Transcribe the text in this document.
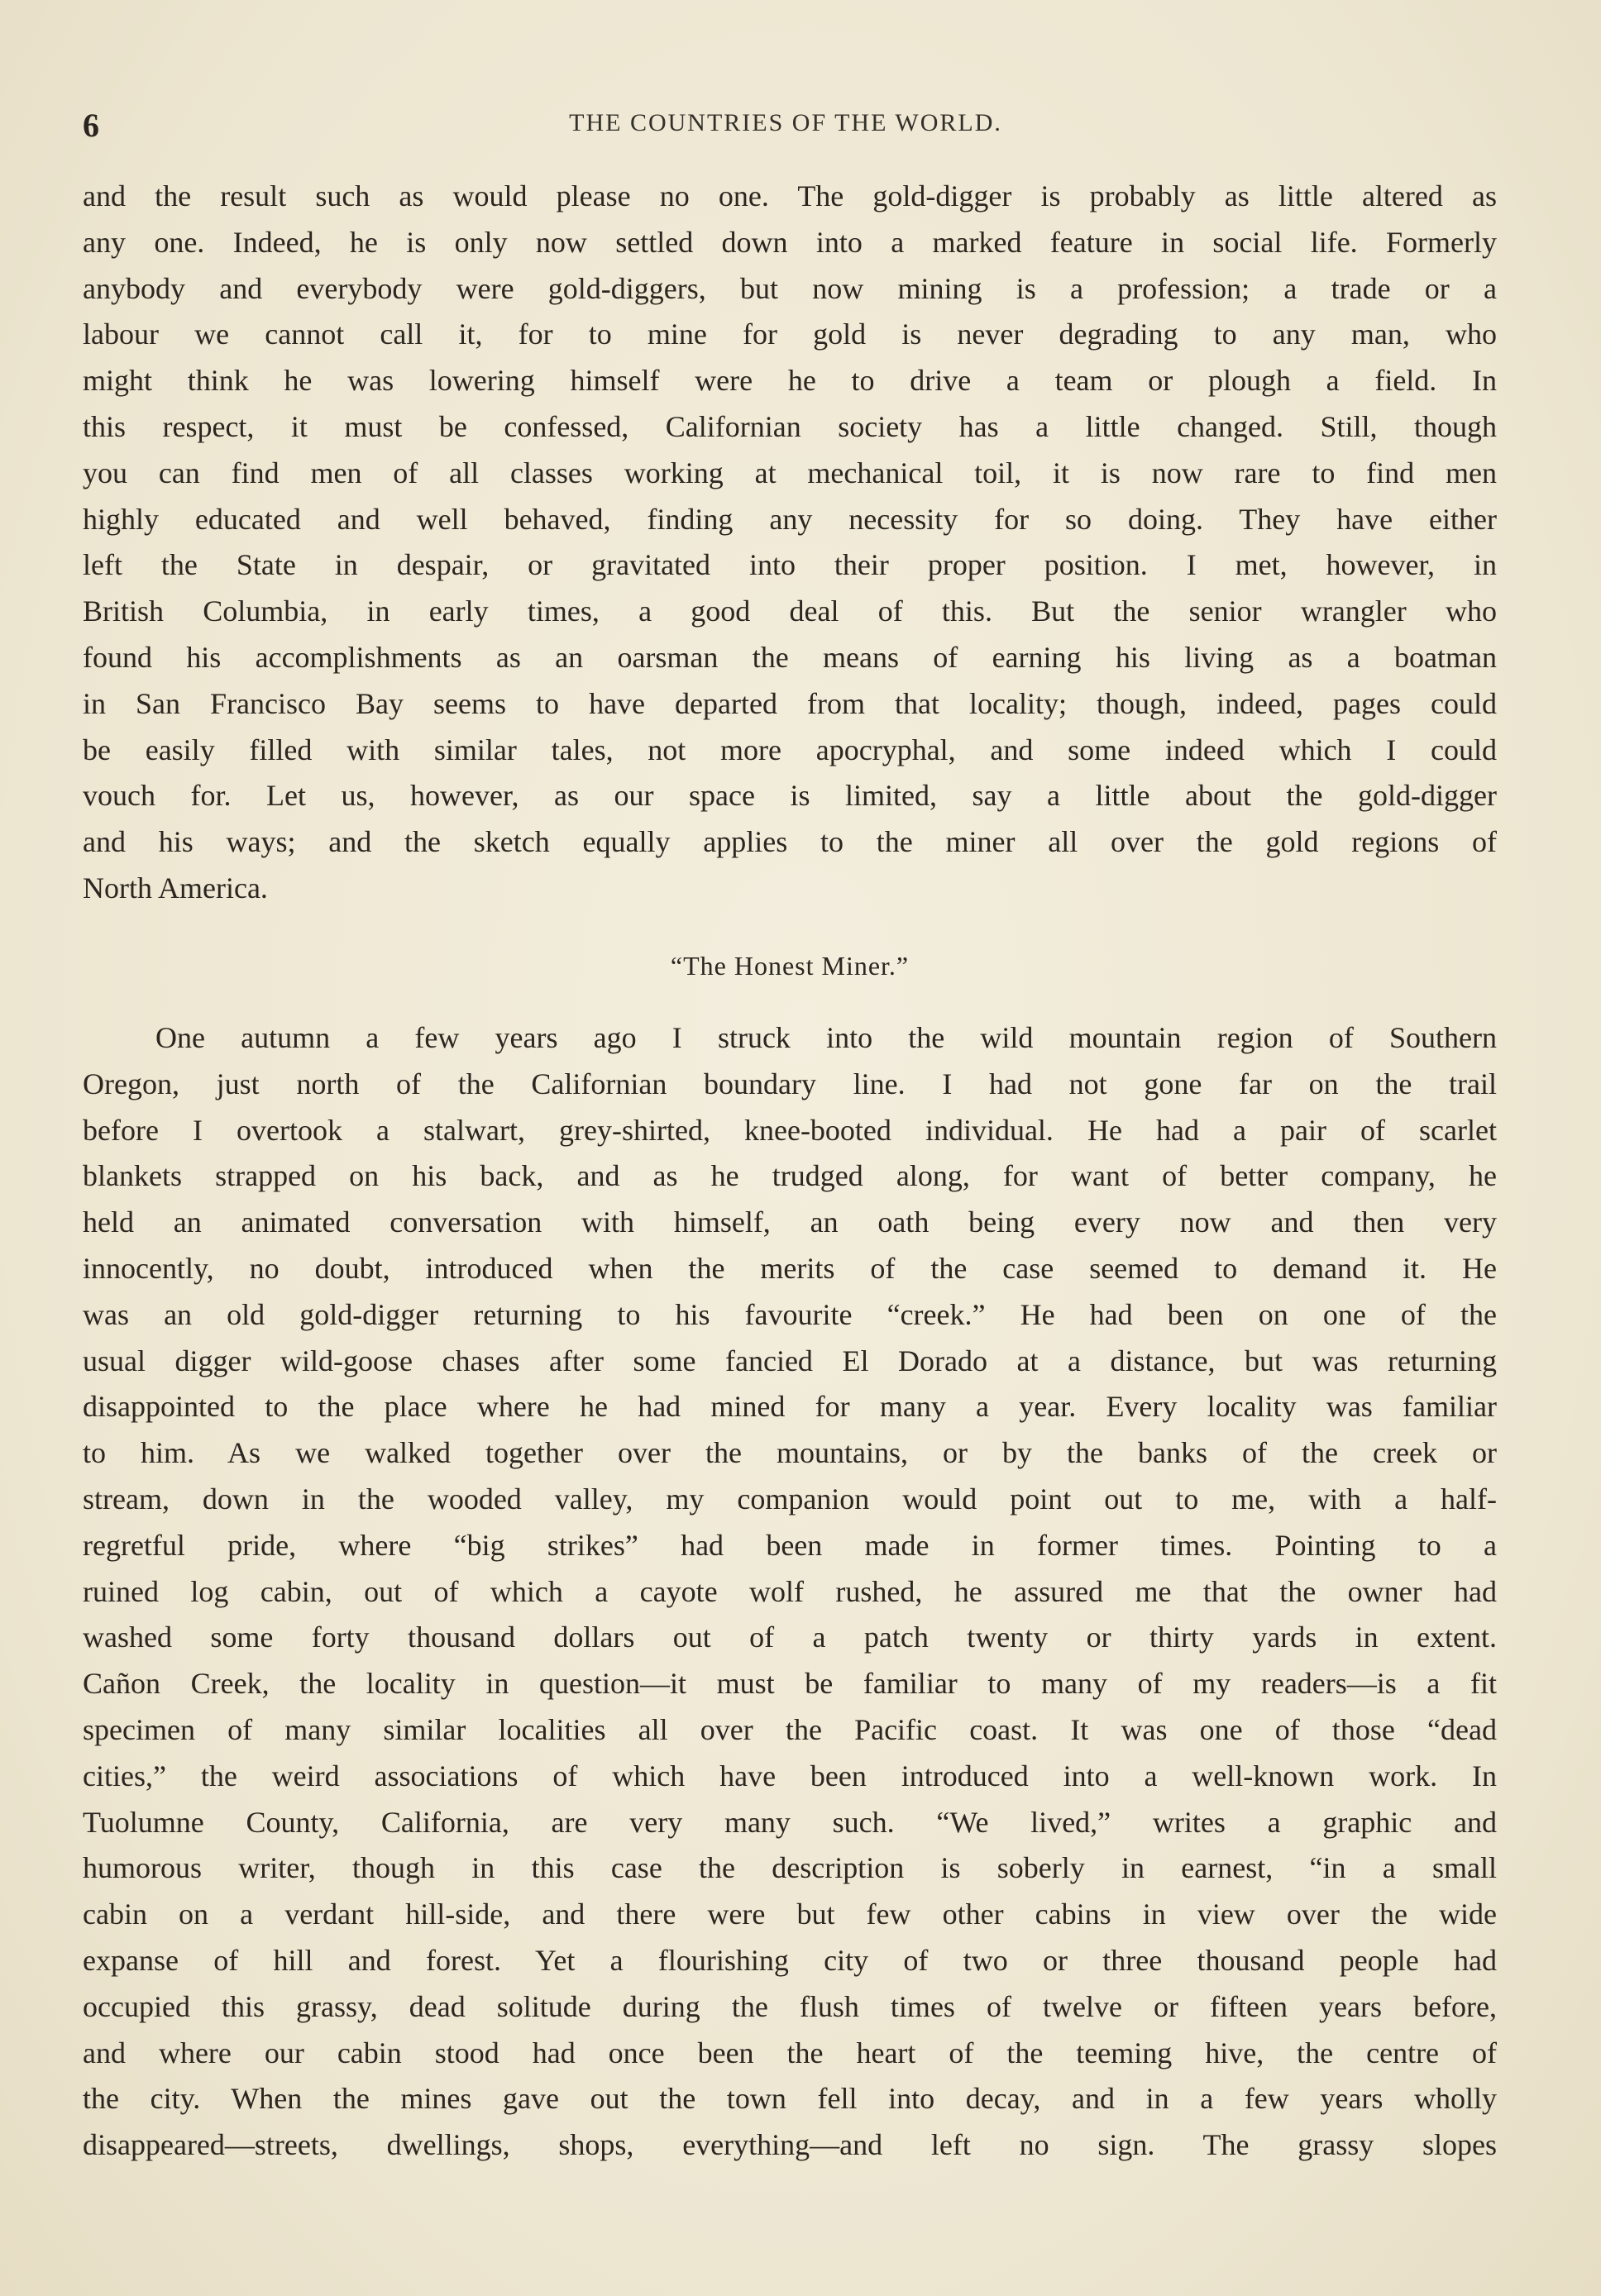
6	THE COUNTRIES OF THE WORLD.
and the result such as would please no one. The gold-digger is probably as little altered as
any one. Indeed, he is only now settled down into a marked feature in social life. Formerly
anybody and everybody were gold-diggers, but now mining is a profession; a trade or a
labour we cannot call it, for to mine for gold is never degrading to any man, who
might think he was lowering himself were he to drive a team or plough a field. In
this respect, it must be confessed, Californian society has a little changed. Still, though
you can find men of all classes working at mechanical toil, it is now rare to find men
highly educated and well behaved, finding any necessity for so doing. They have either
left the State in despair, or gravitated into their proper position. I met, however, in
British Columbia, in early times, a good deal of this. But the senior wrangler who
found his accomplishments as an oarsman the means of earning his living as a boatman
in San Francisco Bay seems to have departed from that locality; though, indeed, pages could
be easily filled with similar tales, not more apocryphal, and some indeed which I could
vouch for. Let us, however, as our space is limited, say a little about the gold-digger
and his ways; and the sketch equally applies to the miner all over the gold regions of
North America.
“The Honest Miner.”
One autumn a few years ago I struck into the wild mountain region of Southern
Oregon, just north of the Californian boundary line. I had not gone far on the trail
before I overtook a stalwart, grey-shirted, knee-booted individual. He had a pair of scarlet
blankets strapped on his back, and as he trudged along, for want of better company, he
held an animated conversation with himself, an oath being every now and then very
innocently, no doubt, introduced when the merits of the case seemed to demand it. He
was an old gold-digger returning to his favourite “creek.” He had been on one of the
usual digger wild-goose chases after some fancied El Dorado at a distance, but was returning
disappointed to the place where he had mined for many a year. Every locality was familiar
to him. As we walked together over the mountains, or by the banks of the creek or
stream, down in the wooded valley, my companion would point out to me, with a half-
regretful pride, where “big strikes” had been made in former times. Pointing to a
ruined log cabin, out of which a cayote wolf rushed, he assured me that the owner had
washed some forty thousand dollars out of a patch twenty or thirty yards in extent.
Cañon Creek, the locality in question—it must be familiar to many of my readers—is a fit
specimen of many similar localities all over the Pacific coast. It was one of those “dead
cities,” the weird associations of which have been introduced into a well-known work. In
Tuolumne County, California, are very many such. “We lived,” writes a graphic and
humorous writer, though in this case the description is soberly in earnest, “in a small
cabin on a verdant hill-side, and there were but few other cabins in view over the wide
expanse of hill and forest. Yet a flourishing city of two or three thousand people had
occupied this grassy, dead solitude during the flush times of twelve or fifteen years before,
and where our cabin stood had once been the heart of the teeming hive, the centre of
the city. When the mines gave out the town fell into decay, and in a few years wholly
disappeared—streets, dwellings, shops, everything—and left no sign. The grassy slopes
